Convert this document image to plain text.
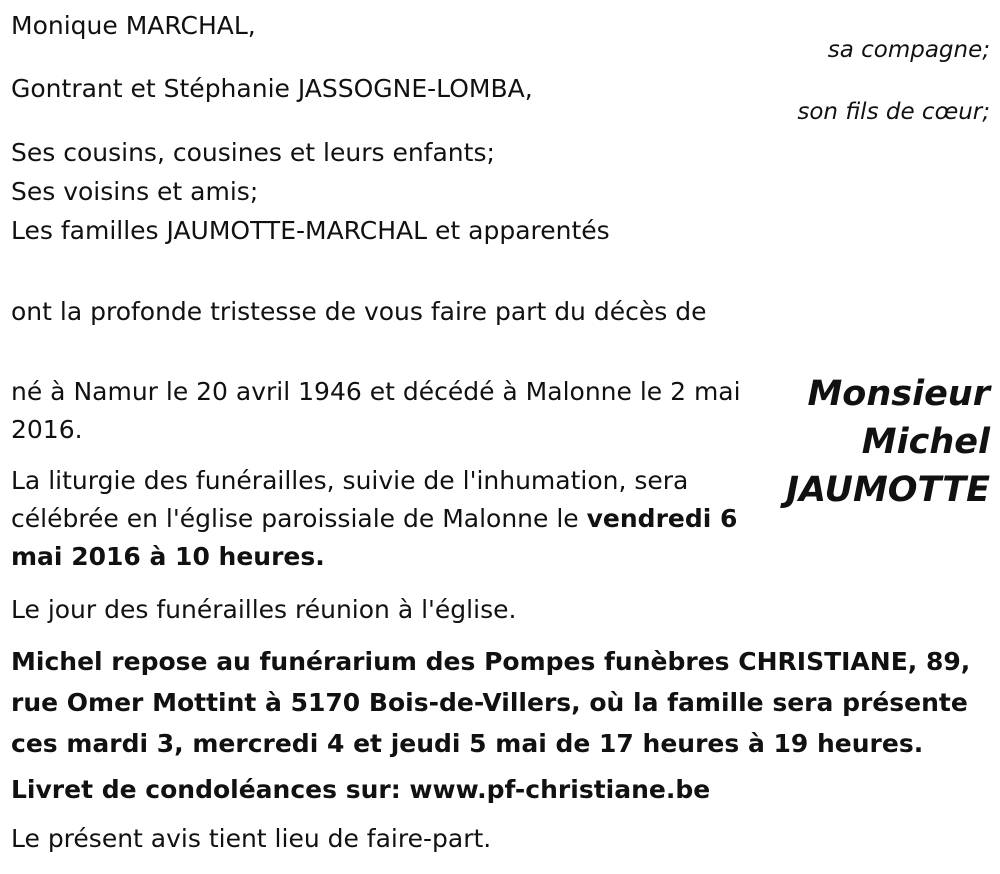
Monique MARCHAL,

sa compagne;

Gontrant et Stéphanie JASSOGNE-LOMBA,

son fils de cœur;

Ses cousins, cousines et leurs enfants;

Ses voisins et amis;

Les familles JAUMOTTE-MARCHAL et apparentés

ont la profonde tristesse de vous faire part du décès de

Monsieur
Michel
JAUMOTTE

né à Namur le 20 avril 1946 et décédé à Malonne le 2 mai 2016.

La liturgie des funérailles, suivie de l'inhumation, sera célébrée en l'église paroissiale de Malonne le vendredi 6 mai 2016 à 10 heures.

Le jour des funérailles réunion à l'église.

Michel repose au funérarium des Pompes funèbres CHRISTIANE, 89, rue Omer Mottint à 5170 Bois-de-Villers, où la famille sera présente ces mardi 3, mercredi 4 et jeudi 5 mai de 17 heures à 19 heures.

Livret de condoléances sur: www.pf-christiane.be

Le présent avis tient lieu de faire-part.
